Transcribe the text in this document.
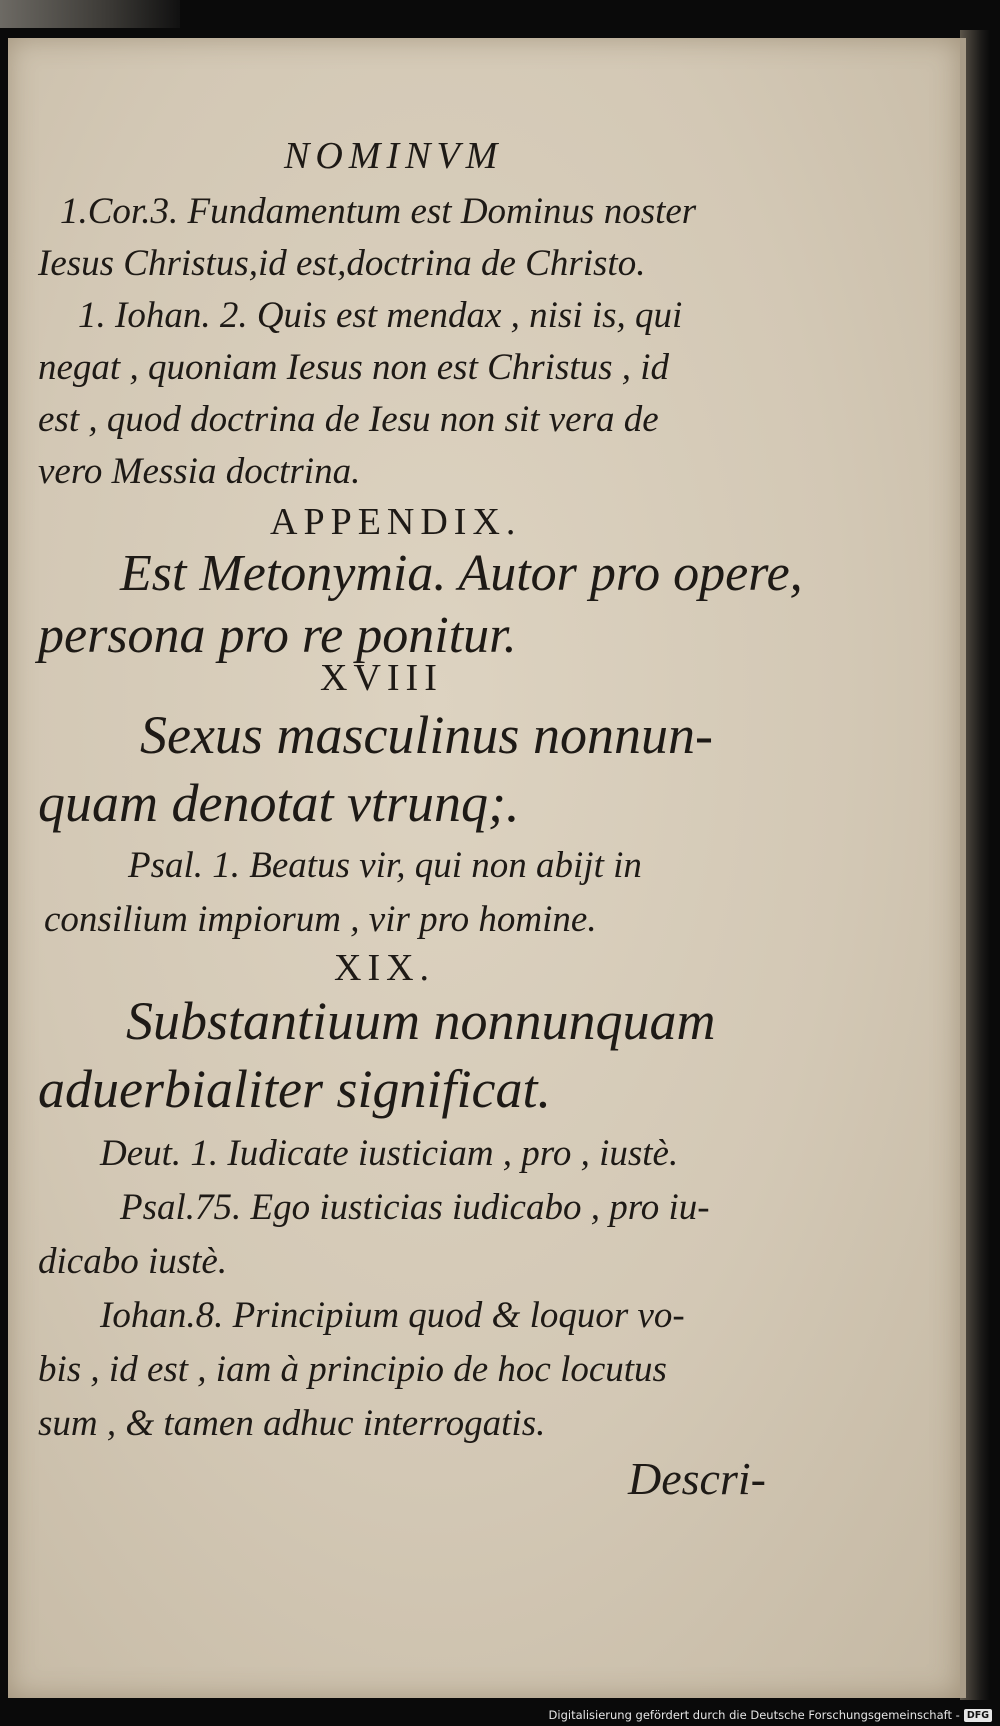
NOMINVM
1.Cor.3. Fundamentum est Dominus noster
Iesus Christus,id est,doctrina de Christo.
1. Iohan. 2. Quis est mendax , nisi is, qui
negat , quoniam Iesus non est Christus , id
est , quod doctrina de Iesu non sit vera de
vero Messia doctrina.
APPENDIX.
Est Metonymia. Autor pro opere,
persona pro re ponitur.
XVIII
Sexus masculinus nonnun-
quam denotat vtrunq;.
Psal. 1. Beatus vir, qui non abijt in
consilium impiorum , vir pro homine.
XIX.
Substantiuum nonnunquam
aduerbialiter significat.
Deut. 1. Iudicate iusticiam , pro , iustè.
Psal.75. Ego iusticias iudicabo , pro iu-
dicabo iustè.
Iohan.8. Principium quod & loquor vo-
bis , id est , iam à principio de hoc locutus
sum , & tamen adhuc interrogatis.
Descri-
Digitalisierung gefördert durch die Deutsche Forschungsgemeinschaft - DFG
